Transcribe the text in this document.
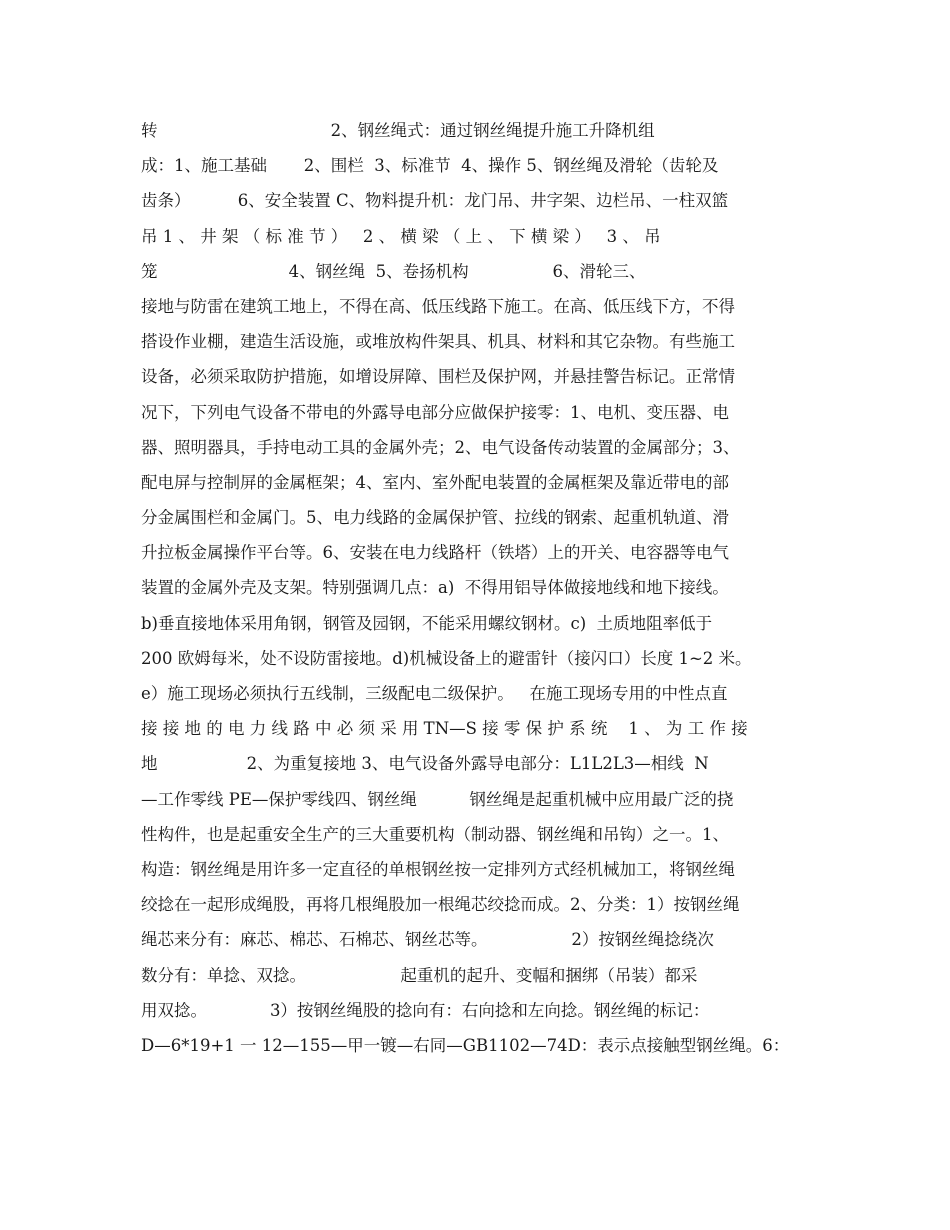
转                                 2、钢丝绳式：通过钢丝绳提升施工升降机组
成：1、施工基础       2、围栏  3、标准节  4、操作 5、钢丝绳及滑轮（齿轮及
齿条）         6、安全装置 C、物料提升机：龙门吊、井字架、边栏吊、一柱双篮
吊 1 、 井 架 （ 标 准 节 ）   2 、 横 梁 （ 上 、 下 横 梁 ）   3 、 吊
笼                         4、钢丝绳  5、卷扬机构                6、滑轮三、
接地与防雷在建筑工地上，不得在高、低压线路下施工。在高、低压线下方，不得
搭设作业棚，建造生活设施，或堆放构件架具、机具、材料和其它杂物。有些施工
设备，必须采取防护措施，如增设屏障、围栏及保护网，并悬挂警告标记。正常情
况下，下列电气设备不带电的外露导电部分应做保护接零：1、电机、变压器、电
器、照明器具，手持电动工具的金属外壳；2、电气设备传动装置的金属部分；3、
配电屏与控制屏的金属框架；4、室内、室外配电装置的金属框架及靠近带电的部
分金属围栏和金属门。5、电力线路的金属保护管、拉线的钢索、起重机轨道、滑
升拉板金属操作平台等。6、安装在电力线路杆（铁塔）上的开关、电容器等电气
装置的金属外壳及支架。特别强调几点：a)  不得用铝导体做接地线和地下接线。
b)垂直接地体采用角钢，钢管及园钢，不能采用螺纹钢材。c)  土质地阻率低于
200 欧姆每米，处不设防雷接地。d)机械设备上的避雷针（接闪口）长度 1~2 米。
e）施工现场必须执行五线制，三级配电二级保护。   在施工现场专用的中性点直
接 接 地 的 电 力 线 路 中 必 须 采 用 TN—S 接 零 保 护 系 统    1 、 为 工 作 接
地                 2、为重复接地 3、电气设备外露导电部分：L1L2L3—相线  N
—工作零线 PE—保护零线四、钢丝绳          钢丝绳是起重机械中应用最广泛的挠
性构件，也是起重安全生产的三大重要机构（制动器、钢丝绳和吊钩）之一。1、
构造：钢丝绳是用许多一定直径的单根钢丝按一定排列方式经机械加工，将钢丝绳
绞捻在一起形成绳股，再将几根绳股加一根绳芯绞捻而成。2、分类：1）按钢丝绳
绳芯来分有：麻芯、棉芯、石棉芯、钢丝芯等。                2）按钢丝绳捻绕次
数分有：单捻、双捻。                  起重机的起升、变幅和捆绑（吊装）都采
用双捻。            3）按钢丝绳股的捻向有：右向捻和左向捻。钢丝绳的标记：
D—6*19+1 一 12—155—甲一镀—右同—GB1102—74D：表示点接触型钢丝绳。6：
